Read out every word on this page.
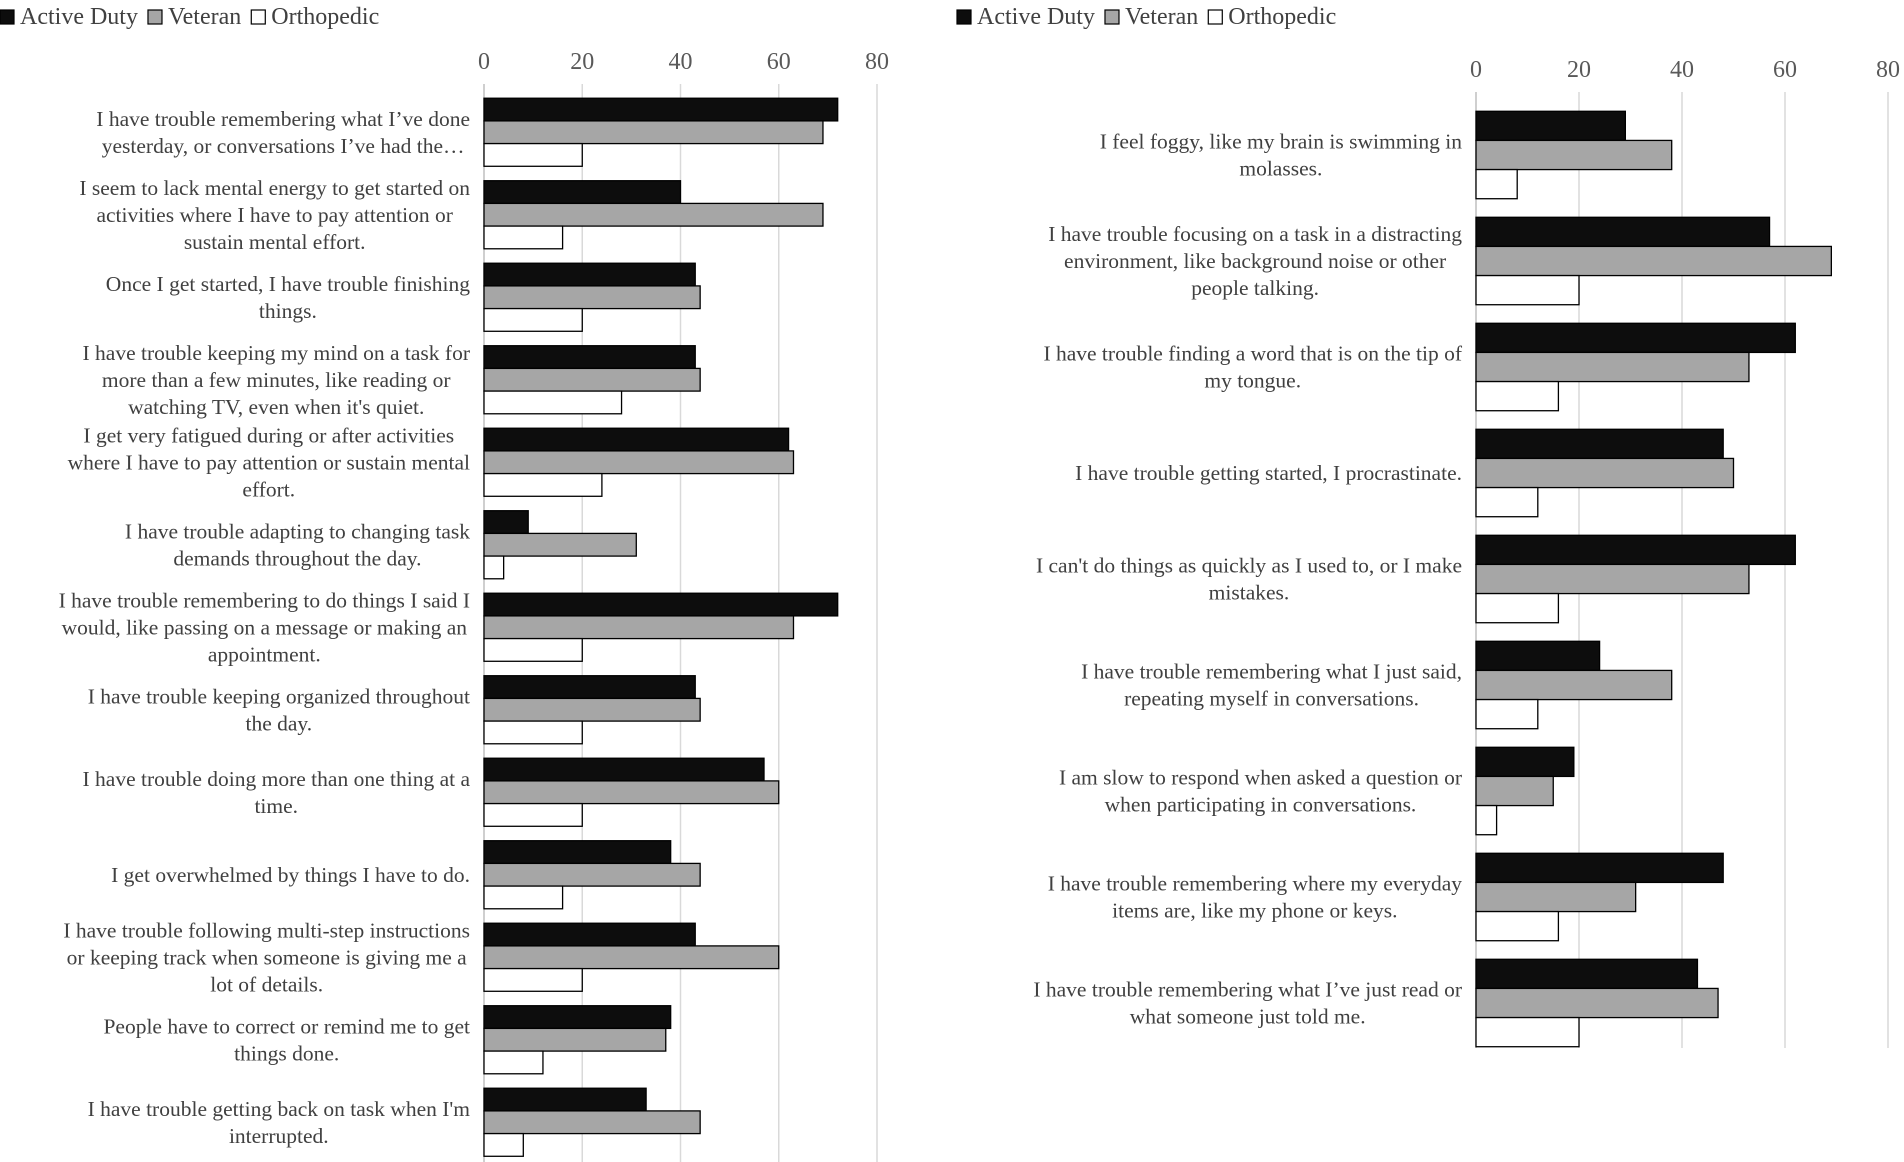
Active Duty Veteran Orthopedic
0	20	40	60	80
I have trouble remembering what I’ve done
yesterday, or conversations I’ve had the…
I seem to lack mental energy to get started on
activities where I have to pay attention or
sustain mental effort.
Once I get started, I have trouble finishing
things.
I have trouble keeping my mind on a task for
more than a few minutes, like reading or
watching TV, even when it's quiet.
I get very fatigued during or after activities
where I have to pay attention or sustain mental
effort.
I have trouble adapting to changing task
demands throughout the day.
I have trouble remembering to do things I said I
would, like passing on a message or making an
appointment.
I have trouble keeping organized throughout
the day.
I have trouble doing more than one thing at a
time.
I get overwhelmed by things I have to do.
I have trouble following multi-step instructions
or keeping track when someone is giving me a
lot of details.
People have to correct or remind me to get
things done.
I have trouble getting back on task when I'm
interrupted.
Active Duty Veteran Orthopedic
0	20	40	60	80
I feel foggy, like my brain is swimming in
molasses.
I have trouble focusing on a task in a distracting
environment, like background noise or other
people talking.
I have trouble finding a word that is on the tip of
my tongue.
I have trouble getting started, I procrastinate.
I can't do things as quickly as I used to, or I make
mistakes.
I have trouble remembering what I just said,
repeating myself in conversations.
I am slow to respond when asked a question or
when participating in conversations.
I have trouble remembering where my everyday
items are, like my phone or keys.
I have trouble remembering what I’ve just read or
what someone just told me.
